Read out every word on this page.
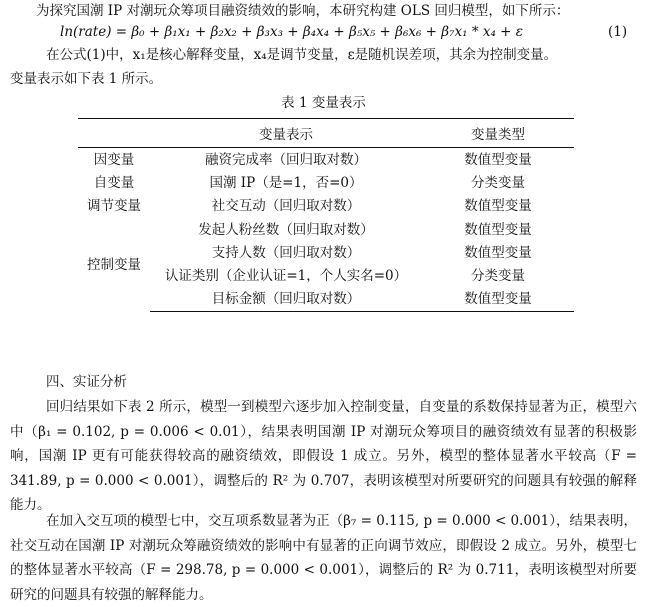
为探究国潮 IP 对潮玩众筹项目融资绩效的影响，本研究构建 OLS 回归模型，如下所示：
ln(rate) = β₀ + β₁x₁ + β₂x₂ + β₃x₃ + β₄x₄ + β₅x₅ + β₆x₆ + β₇x₁ * x₄ + ε	(1)
在公式(1)中，x₁是核心解释变量，x₄是调节变量，ε是随机误差项，其余为控制变量。
变量表示如下表 1 所示。
表 1 变量表示
	变量表示	变量类型
因变量	融资完成率（回归取对数）	数值型变量
自变量	国潮 IP（是=1，否=0）	分类变量
调节变量	社交互动（回归取对数）	数值型变量
控制变量	发起人粉丝数（回归取对数）	数值型变量
	支持人数（回归取对数）	数值型变量
	认证类别（企业认证=1，个人实名=0）	分类变量
	目标金额（回归取对数）	数值型变量
四、实证分析
回归结果如下表 2 所示，模型一到模型六逐步加入控制变量，自变量的系数保持显著为正，模型六中（β₁ = 0.102, p = 0.006 < 0.01），结果表明国潮 IP 对潮玩众筹项目的融资绩效有显著的积极影响，国潮 IP 更有可能获得较高的融资绩效，即假设 1 成立。另外，模型的整体显著水平较高（F = 341.89, p = 0.000 < 0.001），调整后的 R² 为 0.707，表明该模型对所要研究的问题具有较强的解释能力。
在加入交互项的模型七中，交互项系数显著为正（β₇ = 0.115, p = 0.000 < 0.001），结果表明，社交互动在国潮 IP 对潮玩众筹融资绩效的影响中有显著的正向调节效应，即假设 2 成立。另外，模型七的整体显著水平较高（F = 298.78, p = 0.000 < 0.001），调整后的 R² 为 0.711，表明该模型对所要研究的问题具有较强的解释能力。
